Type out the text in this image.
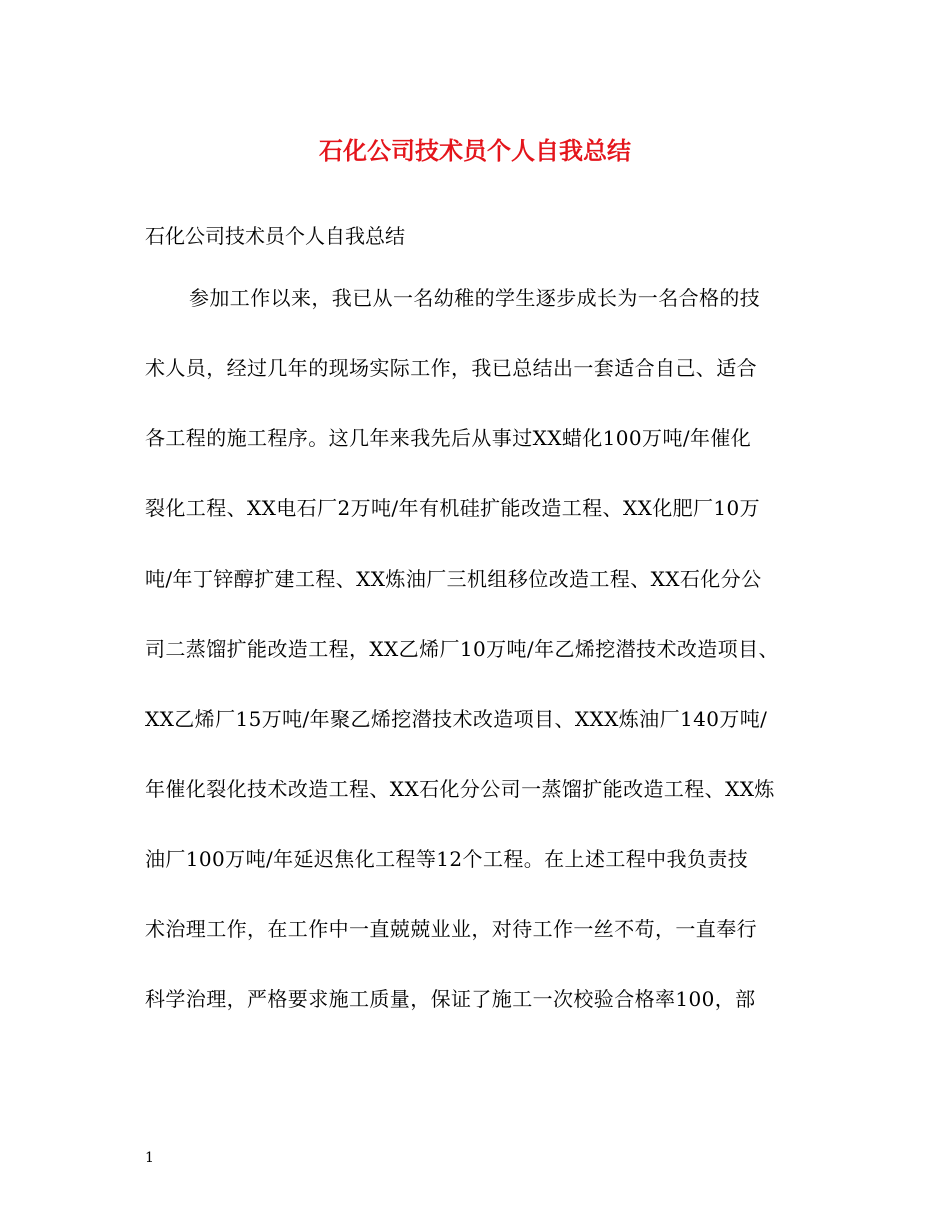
石化公司技术员个人自我总结

石化公司技术员个人自我总结

参加工作以来，我已从一名幼稚的学生逐步成长为一名合格的技

术人员，经过几年的现场实际工作，我已总结出一套适合自己、适合

各工程的施工程序。这几年来我先后从事过XX蜡化100万吨/年催化

裂化工程、XX电石厂2万吨/年有机硅扩能改造工程、XX化肥厂10万

吨/年丁锌醇扩建工程、XX炼油厂三机组移位改造工程、XX石化分公

司二蒸馏扩能改造工程，XX乙烯厂10万吨/年乙烯挖潜技术改造项目、

XX乙烯厂15万吨/年聚乙烯挖潜技术改造项目、XXX炼油厂140万吨/

年催化裂化技术改造工程、XX石化分公司一蒸馏扩能改造工程、XX炼

油厂100万吨/年延迟焦化工程等12个工程。在上述工程中我负责技

术治理工作，在工作中一直兢兢业业，对待工作一丝不苟，一直奉行

科学治理，严格要求施工质量，保证了施工一次校验合格率100，部

1
